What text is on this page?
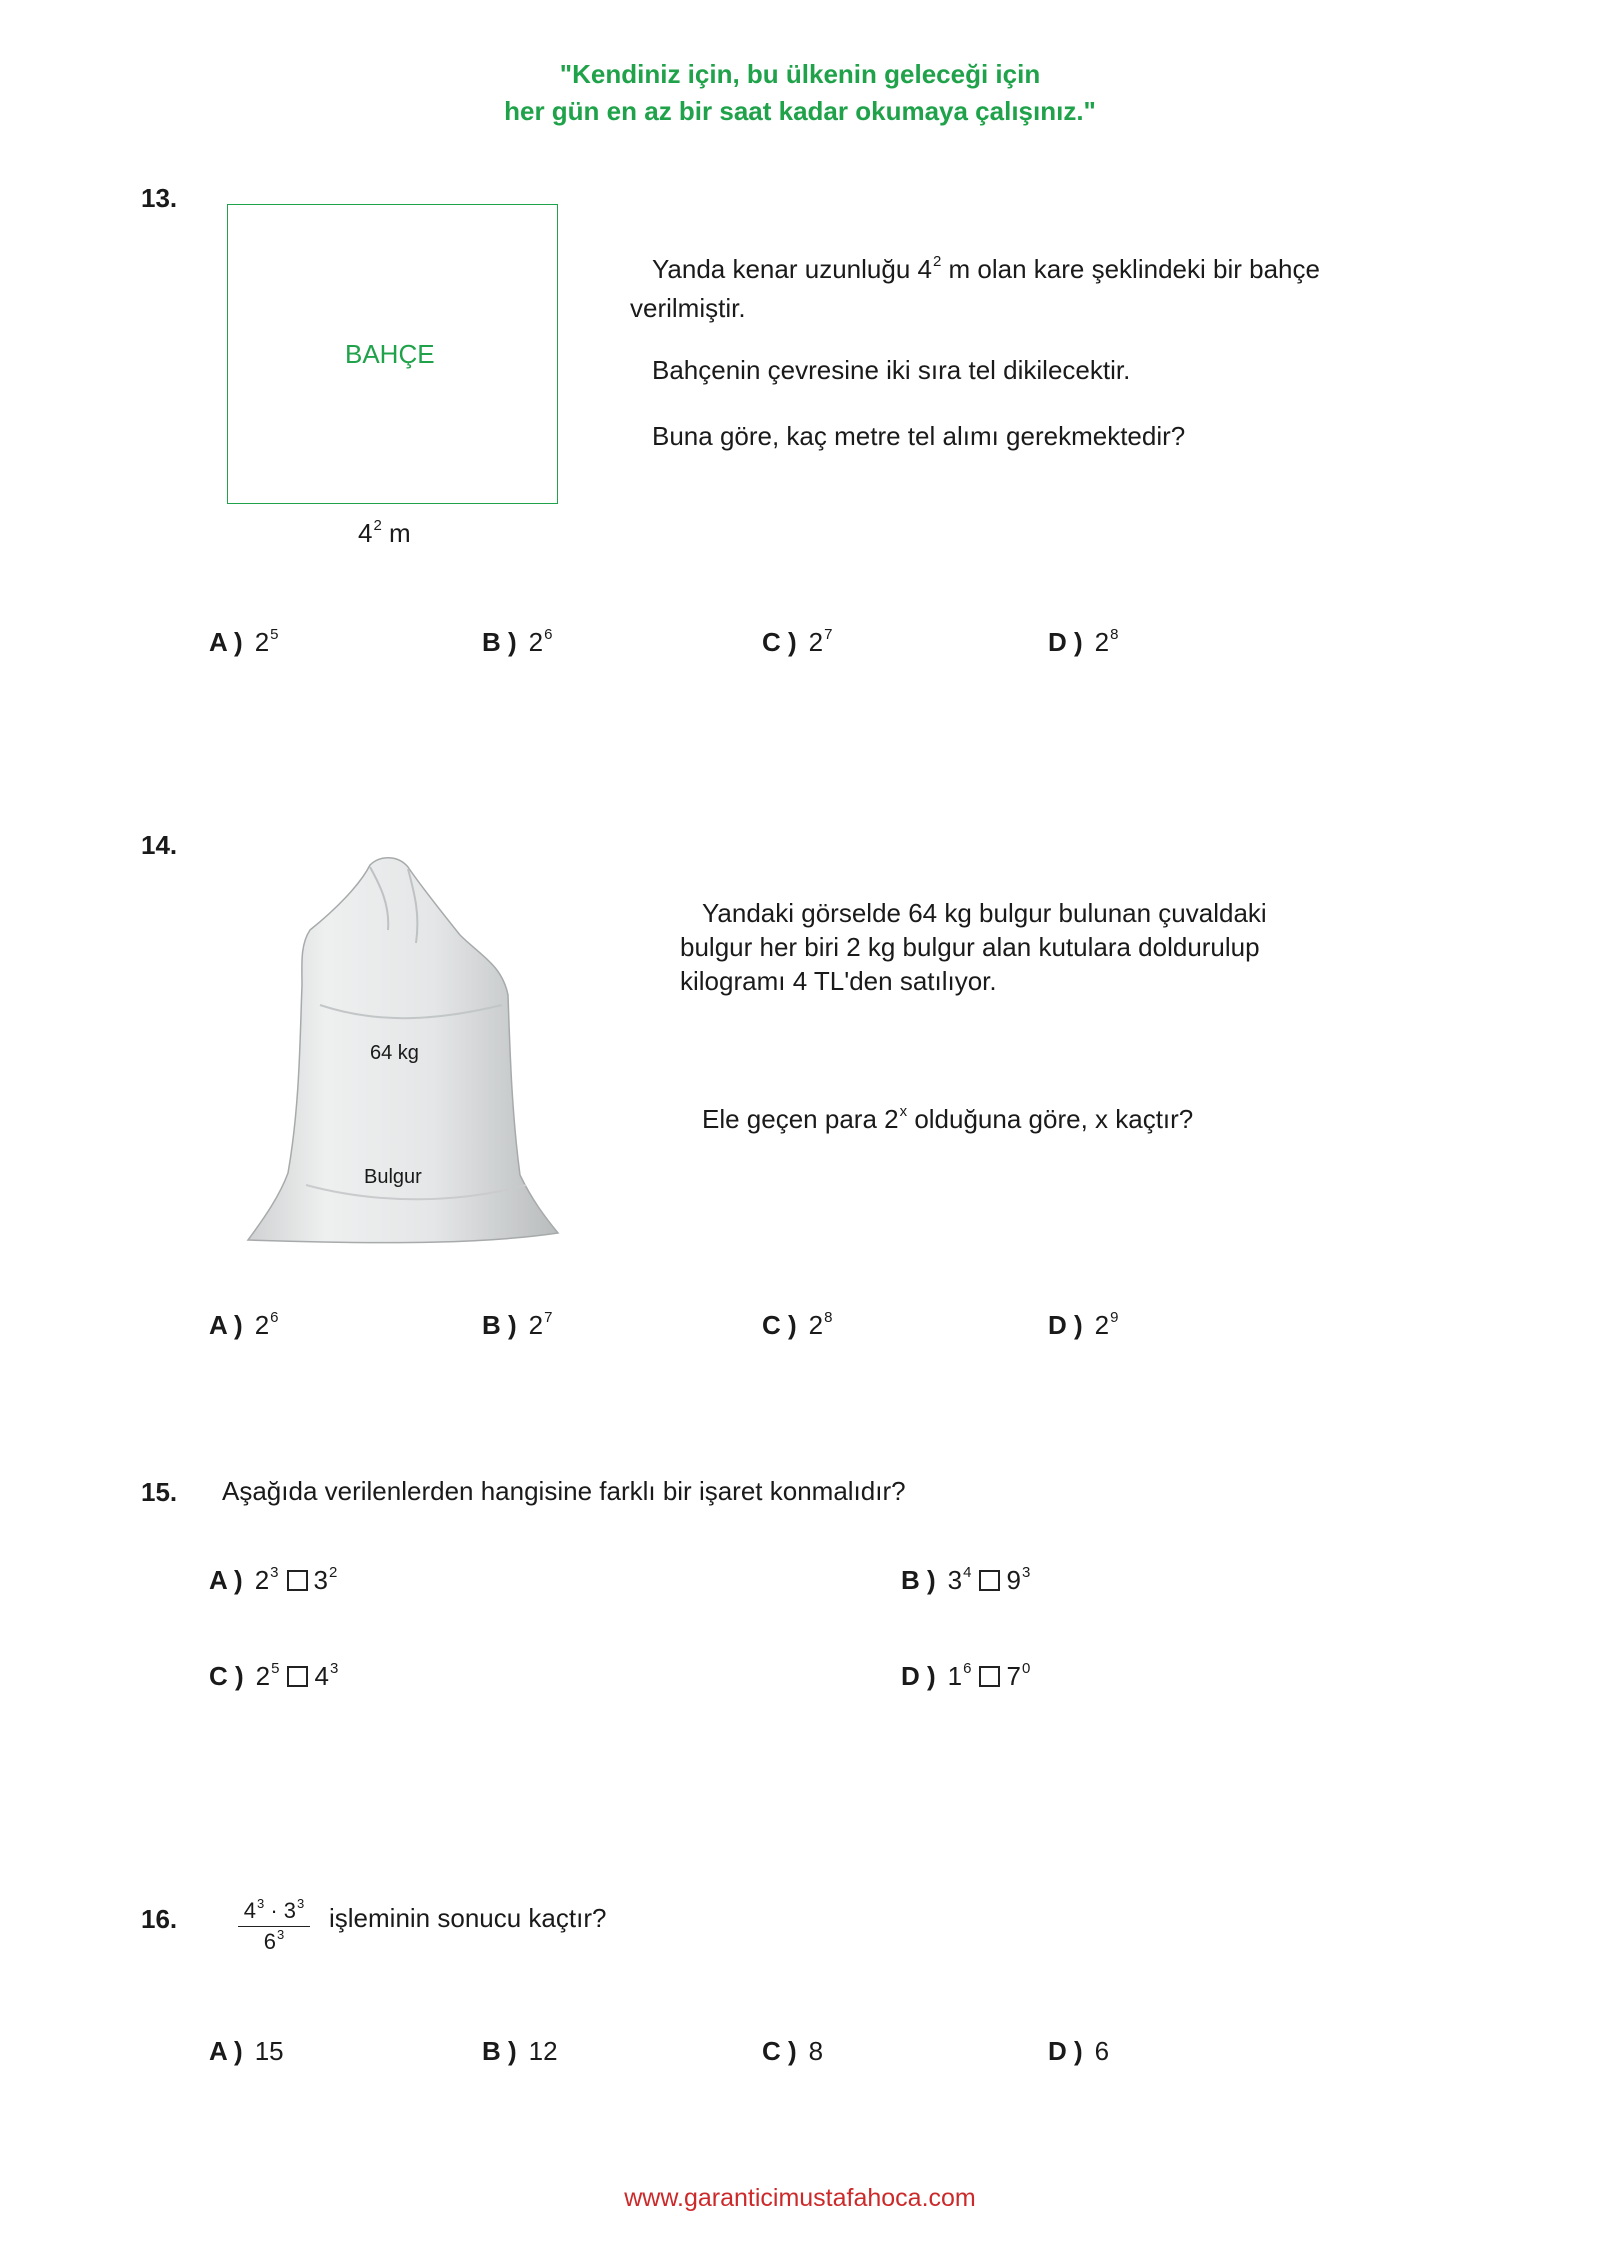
"Kendiniz için, bu ülkenin geleceği için
her gün en az bir saat kadar okumaya çalışınız."
13.
BAHÇE
$4^2$ m
Yanda kenar uzunluğu $4^2$ m olan kare şeklindeki bir bahçe
verilmiştir.
Bahçenin çevresine iki sıra tel dikilecektir.
Buna göre, kaç metre tel alımı gerekmektedir?
A ) $2^5$	B ) $2^6$	C ) $2^7$	D ) $2^8$
14.
64 kg
Bulgur
Yandaki görselde 64 kg bulgur bulunan çuvaldaki
bulgur her biri 2 kg bulgur alan kutulara doldurulup
kilogramı 4 TL'den satılıyor.
Ele geçen para 2$^x$ olduğuna göre, x kaçtır?
A ) $2^6$	B ) $2^7$	C ) $2^8$	D ) $2^9$
15. Aşağıda verilenlerden hangisine farklı bir işaret konmalıdır?
A ) $2^3$ $3^2$	B ) $3^4$ $9^3$
C ) $2^5$ $4^3$	D ) $1^6$ $7^0$
16.	$\frac{4^3 \cdot 3^3}{6^3}$ işleminin sonucu kaçtır?
A ) 15	B ) 12	C ) 8	D ) 6
www.garanticimustafahoca.com
